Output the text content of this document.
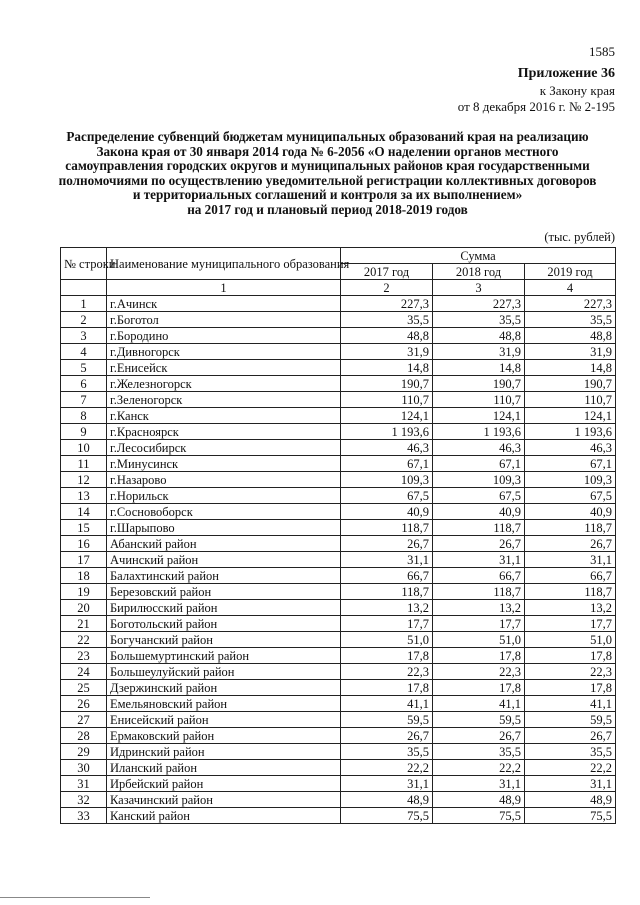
1585
Приложение 36
к Закону края
от 8 декабря 2016 г. № 2-195
Распределение субвенций бюджетам муниципальных образований края на реализацию
Закона края от 30 января 2014 года № 6-2056 «О наделении органов местного
самоуправления городских округов и муниципальных районов края государственными
полномочиями по осуществлению уведомительной регистрации коллективных договоров
и территориальных соглашений и контроля за их выполнением»
на 2017 год и плановый период 2018-2019 годов
(тыс. рублей)
№ строки	Наименование муниципального образования	Сумма		
		2017 год	2018 год	2019 год
	1	2	3	4
1	г.Ачинск	227,3	227,3	227,3
2	г.Боготол	35,5	35,5	35,5
3	г.Бородино	48,8	48,8	48,8
4	г.Дивногорск	31,9	31,9	31,9
5	г.Енисейск	14,8	14,8	14,8
6	г.Железногорск	190,7	190,7	190,7
7	г.Зеленогорск	110,7	110,7	110,7
8	г.Канск	124,1	124,1	124,1
9	г.Красноярск	1 193,6	1 193,6	1 193,6
10	г.Лесосибирск	46,3	46,3	46,3
11	г.Минусинск	67,1	67,1	67,1
12	г.Назарово	109,3	109,3	109,3
13	г.Норильск	67,5	67,5	67,5
14	г.Сосновоборск	40,9	40,9	40,9
15	г.Шарыпово	118,7	118,7	118,7
16	Абанский район	26,7	26,7	26,7
17	Ачинский район	31,1	31,1	31,1
18	Балахтинский район	66,7	66,7	66,7
19	Березовский район	118,7	118,7	118,7
20	Бирилюсский район	13,2	13,2	13,2
21	Боготольский район	17,7	17,7	17,7
22	Богучанский район	51,0	51,0	51,0
23	Большемуртинский район	17,8	17,8	17,8
24	Большеулуйский район	22,3	22,3	22,3
25	Дзержинский район	17,8	17,8	17,8
26	Емельяновский район	41,1	41,1	41,1
27	Енисейский район	59,5	59,5	59,5
28	Ермаковский район	26,7	26,7	26,7
29	Идринский район	35,5	35,5	35,5
30	Иланский район	22,2	22,2	22,2
31	Ирбейский район	31,1	31,1	31,1
32	Казачинский район	48,9	48,9	48,9
33	Канский район	75,5	75,5	75,5
